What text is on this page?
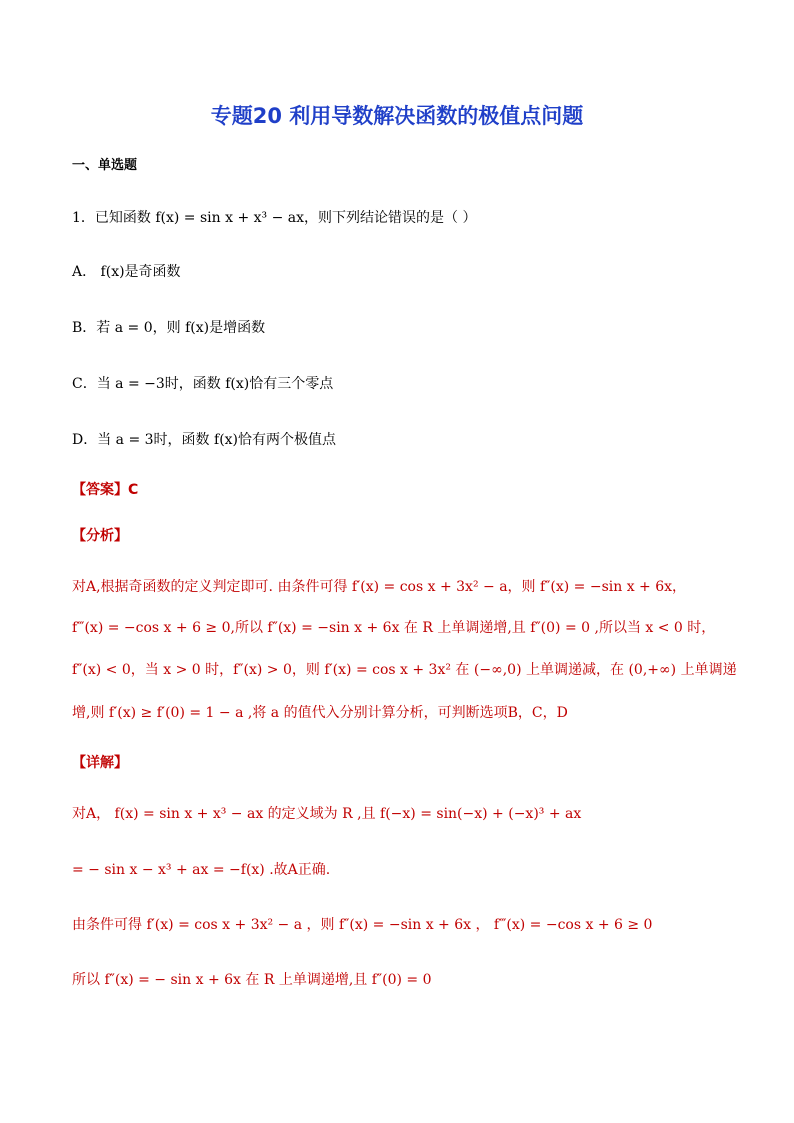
专题20 利用导数解决函数的极值点问题
一、单选题
1．已知函数 f(x) = sin x + x³ − ax，则下列结论错误的是（ ）
A． f(x)是奇函数
B．若 a = 0，则 f(x)是增函数
C．当 a = −3时，函数 f(x)恰有三个零点
D．当 a = 3时，函数 f(x)恰有两个极值点
【答案】C
【分析】
对A,根据奇函数的定义判定即可. 由条件可得 f′(x) = cos x + 3x² − a，则 f″(x) = −sin x + 6x，
f‴(x) = −cos x + 6 ≥ 0,所以 f″(x) = −sin x + 6x 在 R 上单调递增,且 f″(0) = 0 ,所以当 x < 0 时，
f″(x) < 0，当 x > 0 时，f″(x) > 0，则 f′(x) = cos x + 3x² 在 (−∞,0) 上单调递减，在 (0,+∞) 上单调递
增,则 f′(x) ≥ f′(0) = 1 − a ,将 a 的值代入分别计算分析，可判断选项B，C，D
【详解】
对A， f(x) = sin x + x³ − ax 的定义域为 R ,且 f(−x) = sin(−x) + (−x)³ + ax
= − sin x − x³ + ax = −f(x) .故A正确.
由条件可得 f′(x) = cos x + 3x² − a ，则 f″(x) = −sin x + 6x ， f‴(x) = −cos x + 6 ≥ 0
所以 f″(x) = − sin x + 6x 在 R 上单调递增,且 f″(0) = 0
